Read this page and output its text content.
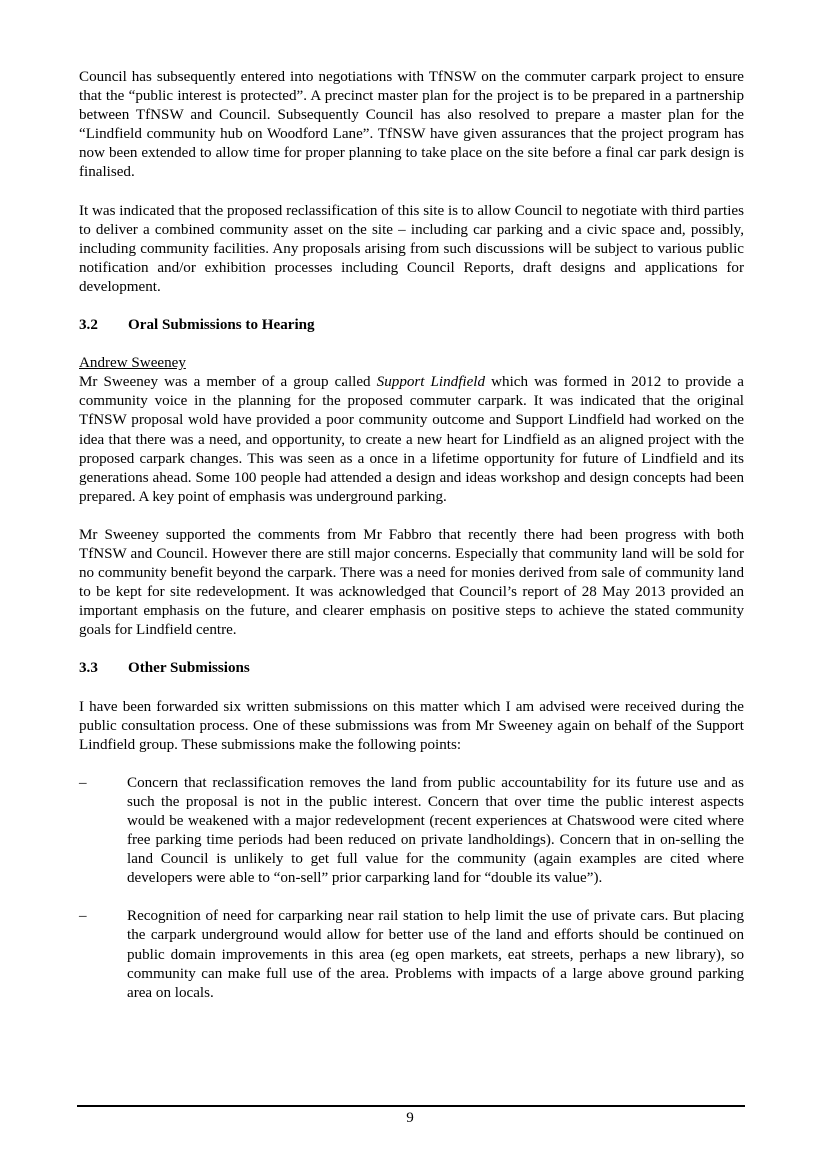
Council has subsequently entered into negotiations with TfNSW on the commuter carpark project to ensure that the “public interest is protected”. A precinct master plan for the project is to be prepared in a partnership between TfNSW and Council. Subsequently Council has also resolved to prepare a master plan for the “Lindfield community hub on Woodford Lane”. TfNSW have given assurances that the project program has now been extended to allow time for proper planning to take place on the site before a final car park design is finalised.

It was indicated that the proposed reclassification of this site is to allow Council to negotiate with third parties to deliver a combined community asset on the site – including car parking and a civic space and, possibly, including community facilities. Any proposals arising from such discussions will be subject to various public notification and/or exhibition processes including Council Reports, draft designs and applications for development.

3.2	Oral Submissions to Hearing

Andrew Sweeney
Mr Sweeney was a member of a group called Support Lindfield which was formed in 2012 to provide a community voice in the planning for the proposed commuter carpark. It was indicated that the original TfNSW proposal wold have provided a poor community outcome and Support Lindfield had worked on the idea that there was a need, and opportunity, to create a new heart for Lindfield as an aligned project with the proposed carpark changes. This was seen as a once in a lifetime opportunity for future of Lindfield and its generations ahead. Some 100 people had attended a design and ideas workshop and design concepts had been prepared. A key point of emphasis was underground parking.

Mr Sweeney supported the comments from Mr Fabbro that recently there had been progress with both TfNSW and Council. However there are still major concerns. Especially that community land will be sold for no community benefit beyond the carpark. There was a need for monies derived from sale of community land to be kept for site redevelopment. It was acknowledged that Council’s report of 28 May 2013 provided an important emphasis on the future, and clearer emphasis on positive steps to achieve the stated community goals for Lindfield centre.

3.3	Other Submissions

I have been forwarded six written submissions on this matter which I am advised were received during the public consultation process. One of these submissions was from Mr Sweeney again on behalf of the Support Lindfield group. These submissions make the following points:

–	Concern that reclassification removes the land from public accountability for its future use and as such the proposal is not in the public interest. Concern that over time the public interest aspects would be weakened with a major redevelopment (recent experiences at Chatswood were cited where free parking time periods had been reduced on private landholdings). Concern that in on-selling the land Council is unlikely to get full value for the community (again examples are cited where developers were able to “on-sell” prior carparking land for “double its value”).

–	Recognition of need for carparking near rail station to help limit the use of private cars. But placing the carpark underground would allow for better use of the land and efforts should be continued on public domain improvements in this area (eg open markets, eat streets, perhaps a new library), so community can make full use of the area. Problems with impacts of a large above ground parking area on locals.

9
